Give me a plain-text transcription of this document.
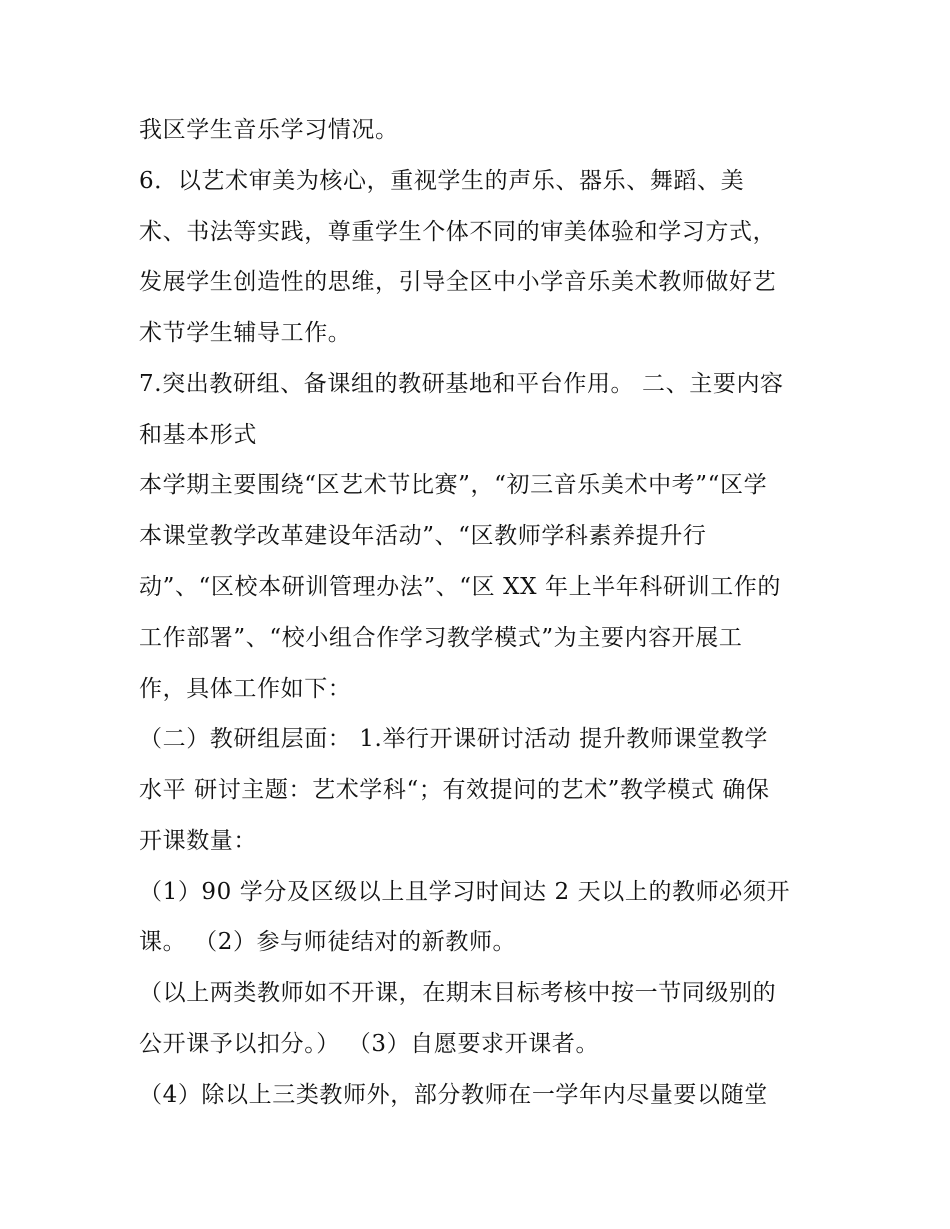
我区学生音乐学习情况。
6．以艺术审美为核心，重视学生的声乐、器乐、舞蹈、美
术、书法等实践，尊重学生个体不同的审美体验和学习方式，
发展学生创造性的思维，引导全区中小学音乐美术教师做好艺
术节学生辅导工作。
7.突出教研组、备课组的教研基地和平台作用。 二、主要内容
和基本形式
本学期主要围绕“区艺术节比赛”，“初三音乐美术中考”“区学
本课堂教学改革建设年活动”、“区教师学科素养提升行
动”、“区校本研训管理办法”、“区 XX 年上半年科研训工作的
工作部署”、“校小组合作学习教学模式”为主要内容开展工
作，具体工作如下：
（二）教研组层面： 1.举行开课研讨活动 提升教师课堂教学
水平 研讨主题：艺术学科“；有效提问的艺术”教学模式 确保
开课数量：
（1）90 学分及区级以上且学习时间达 2 天以上的教师必须开
课。 （2）参与师徒结对的新教师。
（以上两类教师如不开课，在期末目标考核中按一节同级别的
公开课予以扣分。） （3）自愿要求开课者。
（4）除以上三类教师外，部分教师在一学年内尽量要以随堂
